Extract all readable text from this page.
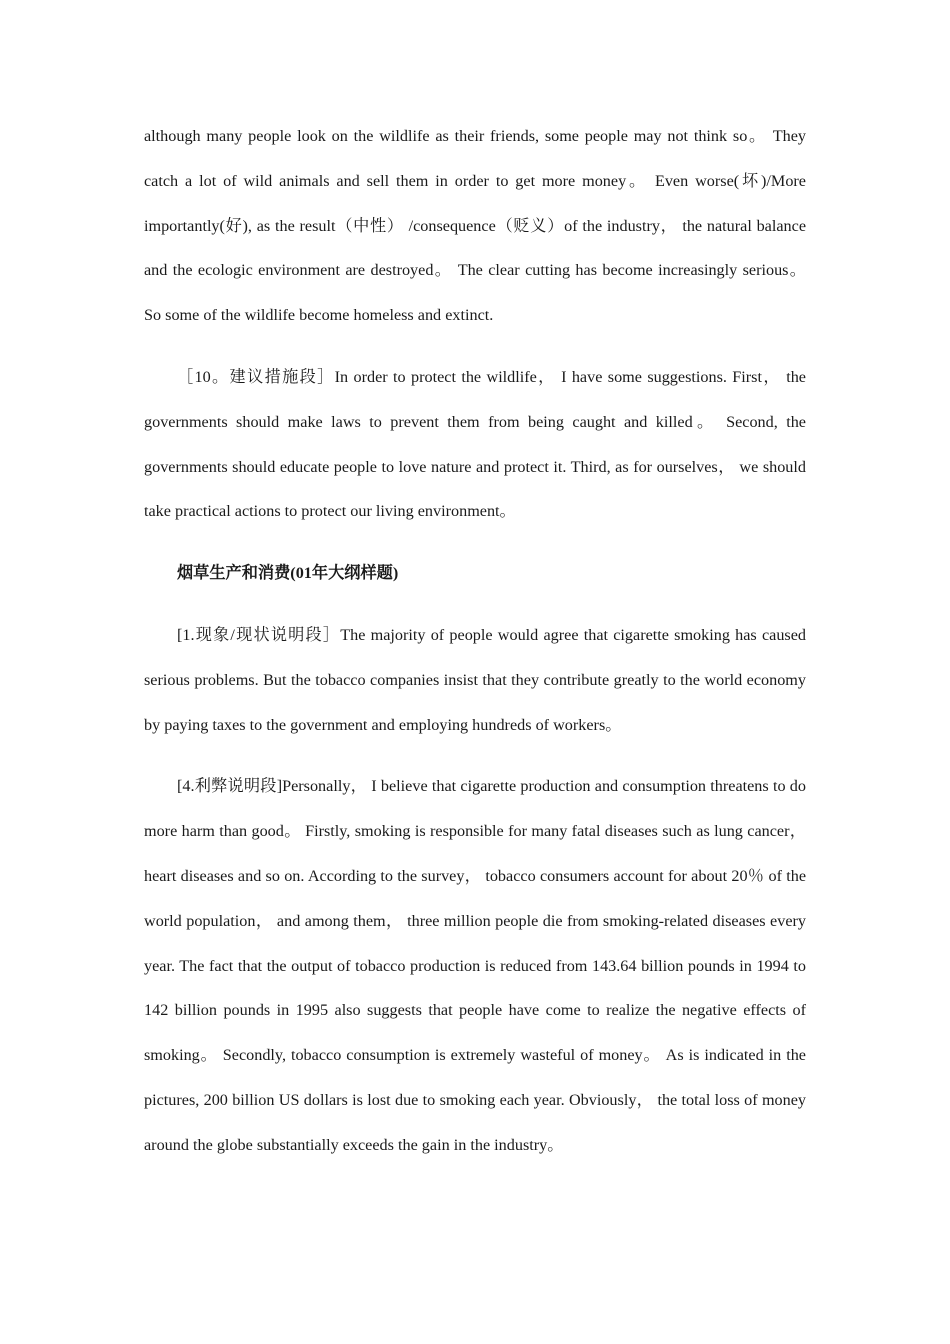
although many people look on the wildlife as their friends, some people may not think so。 They catch a lot of wild animals and sell them in order to get more money。 Even worse(坏)/More importantly(好), as the result（中性） /consequence（贬义）of the industry， the natural balance and the ecologic environment are destroyed。 The clear cutting has become increasingly serious。 So some of the wildlife become homeless and extinct.

［10。建议措施段］In order to protect the wildlife， I have some suggestions. First， the governments should make laws to prevent them from being caught and killed。 Second, the governments should educate people to love nature and protect it. Third, as for ourselves， we should take practical actions to protect our living environment。

烟草生产和消费(01年大纲样题)

[1.现象/现状说明段］The majority of people would agree that cigarette smoking has caused serious problems. But the tobacco companies insist that they contribute greatly to the world economy by paying taxes to the government and employing hundreds of workers。

[4.利弊说明段]Personally， I believe that cigarette production and consumption threatens to do more harm than good。 Firstly, smoking is responsible for many fatal diseases such as lung cancer， heart diseases and so on. According to the survey， tobacco consumers account for about 20％ of the world population， and among them， three million people die from smoking-related diseases every year. The fact that the output of tobacco production is reduced from 143.64 billion pounds in 1994 to 142 billion pounds in 1995 also suggests that people have come to realize the negative effects of smoking。 Secondly, tobacco consumption is extremely wasteful of money。 As is indicated in the pictures, 200 billion US dollars is lost due to smoking each year. Obviously， the total loss of money around the globe substantially exceeds the gain in the industry。
